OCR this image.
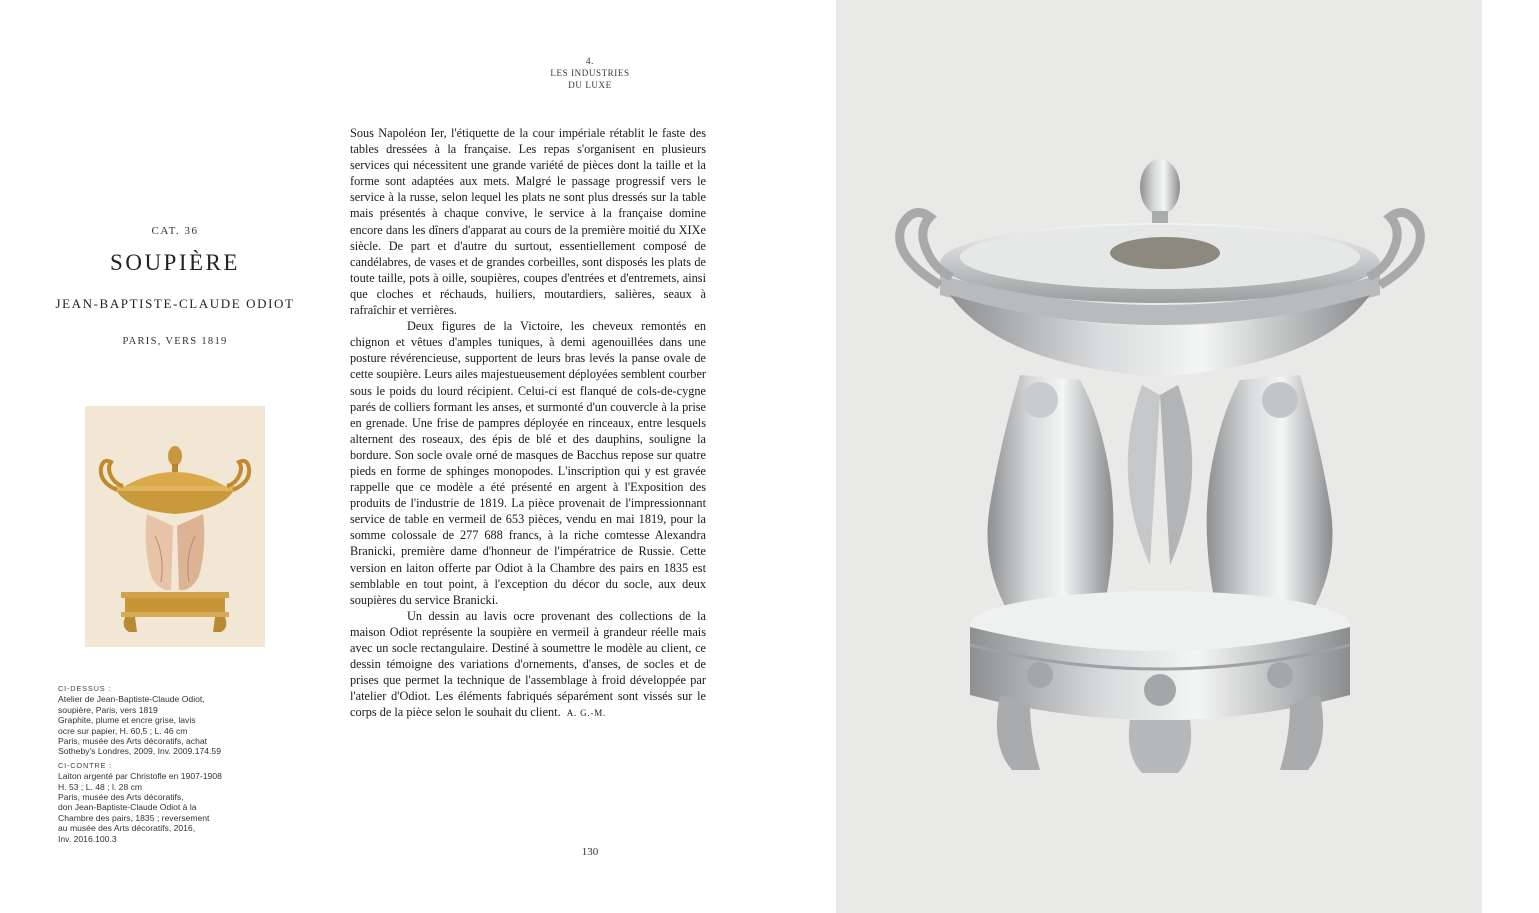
4.
LES INDUSTRIES
DU LUXE
CAT. 36
SOUPIÈRE
JEAN-BAPTISTE-CLAUDE ODIOT
PARIS, VERS 1819
CI-DESSUS :
Atelier de Jean-Baptiste-Claude Odiot,
soupière, Paris, vers 1819
Graphite, plume et encre grise, lavis
ocre sur papier, H. 60,5 ; L. 46 cm
Paris, musée des Arts décoratifs, achat
Sotheby's Londres, 2009, Inv. 2009.174.59
CI-CONTRE :
Laiton argenté par Christofle en 1907-1908
H. 53 ; L. 48 ; l. 28 cm
Paris, musée des Arts décoratifs,
don Jean-Baptiste-Claude Odiot à la
Chambre des pairs, 1835 ; reversement
au musée des Arts décoratifs, 2016,
Inv. 2016.100.3

Sous Napoléon Ier, l'étiquette de la cour impériale rétablit le faste des tables dressées à la française. Les repas s'organisent en plusieurs services qui nécessitent une grande variété de pièces dont la taille et la forme sont adaptées aux mets. Malgré le passage progressif vers le service à la russe, selon lequel les plats ne sont plus dressés sur la table mais présentés à chaque convive, le service à la française domine encore dans les dîners d'apparat au cours de la première moitié du XIXe siècle. De part et d'autre du surtout, essentiellement composé de candélabres, de vases et de grandes corbeilles, sont disposés les plats de toute taille, pots à oille, soupières, coupes d'entrées et d'entremets, ainsi que cloches et réchauds, huiliers, moutardiers, salières, seaux à rafraîchir et verrières.

Deux figures de la Victoire, les cheveux remontés en chignon et vêtues d'amples tuniques, à demi agenouillées dans une posture révérencieuse, supportent de leurs bras levés la panse ovale de cette soupière. Leurs ailes majestueusement déployées semblent courber sous le poids du lourd récipient. Celui-ci est flanqué de cols-de-cygne parés de colliers formant les anses, et surmonté d'un couvercle à la prise en grenade. Une frise de pampres déployée en rinceaux, entre lesquels alternent des roseaux, des épis de blé et des dauphins, souligne la bordure. Son socle ovale orné de masques de Bacchus repose sur quatre pieds en forme de sphinges monopodes. L'inscription qui y est gravée rappelle que ce modèle a été présenté en argent à l'Exposition des produits de l'industrie de 1819. La pièce provenait de l'impressionnant service de table en vermeil de 653 pièces, vendu en mai 1819, pour la somme colossale de 277 688 francs, à la riche comtesse Alexandra Branicki, première dame d'honneur de l'impératrice de Russie. Cette version en laiton offerte par Odiot à la Chambre des pairs en 1835 est semblable en tout point, à l'exception du décor du socle, aux deux soupières du service Branicki.

Un dessin au lavis ocre provenant des collections de la maison Odiot représente la soupière en vermeil à grandeur réelle mais avec un socle rectangulaire. Destiné à soumettre le modèle au client, ce dessin témoigne des variations d'ornements, d'anses, de socles et de prises que permet la technique de l'assemblage à froid développée par l'atelier d'Odiot. Les éléments fabriqués séparément sont vissés sur le corps de la pièce selon le souhait du client. A. G.-M.

130
